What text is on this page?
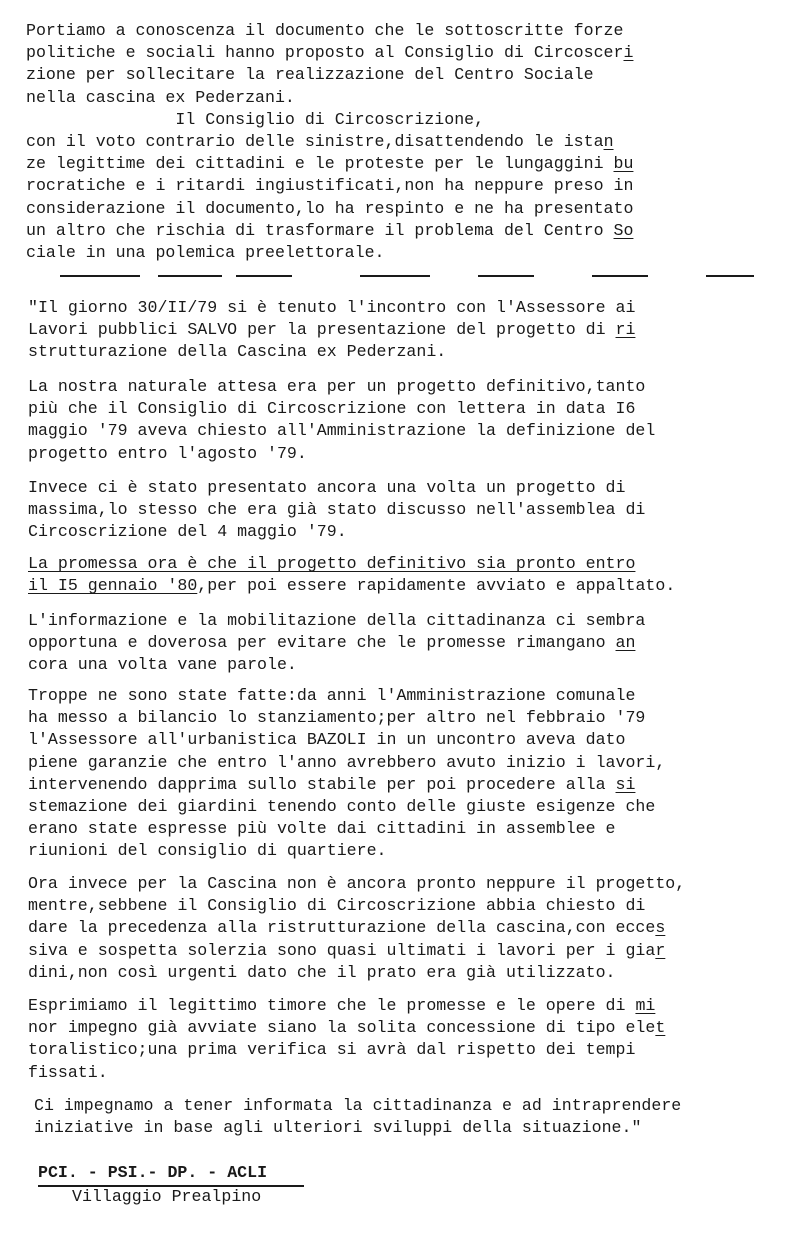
Portiamo a conoscenza il documento che le sottoscritte forze
politiche e sociali hanno proposto al Consiglio di Circosceri
zione per sollecitare la realizzazione del Centro Sociale
nella cascina ex Pederzani.
Il Consiglio di Circoscrizione,
con il voto contrario delle sinistre,disattendendo le istan
ze legittime dei cittadini e le proteste per le lungaggini bu
rocratiche e i ritardi ingiustificati,non ha neppure preso in
considerazione il documento,lo ha respinto e ne ha presentato
un altro che rischia di trasformare il problema del Centro So
ciale in una polemica preelettorale.
"Il giorno 30/II/79 si è tenuto l'incontro con l'Assessore ai
Lavori pubblici SALVO per la presentazione del progetto di ri
strutturazione della Cascina ex Pederzani.
La nostra naturale attesa era per un progetto definitivo,tanto
più che il Consiglio di Circoscrizione con lettera in data I6
maggio '79 aveva chiesto all'Amministrazione la definizione del
progetto entro l'agosto '79.
Invece ci è stato presentato ancora una volta un progetto di
massima,lo stesso che era già stato discusso nell'assemblea di
Circoscrizione del 4 maggio '79.
La promessa ora è che il progetto definitivo sia pronto entro
il I5 gennaio '80,per poi essere rapidamente avviato e appaltato.
L'informazione e la mobilitazione della cittadinanza ci sembra
opportuna e doverosa per evitare che le promesse rimangano an
cora una volta vane parole.
Troppe ne sono state fatte:da anni l'Amministrazione comunale
ha messo a bilancio lo stanziamento;per altro nel febbraio '79
l'Assessore all'urbanistica BAZOLI in un uncontro aveva dato
piene garanzie che entro l'anno avrebbero avuto inizio i lavori,
intervenendo dapprima sullo stabile per poi procedere alla si
stemazione dei giardini tenendo conto delle giuste esigenze che
erano state espresse più volte dai cittadini in assemblee e
riunioni del consiglio di quartiere.
Ora invece per la Cascina non è ancora pronto neppure il progetto,
mentre,sebbene il Consiglio di Circoscrizione abbia chiesto di
dare la precedenza alla ristrutturazione della cascina,con ecces
siva e sospetta solerzia sono quasi ultimati i lavori per i giar
dini,non così urgenti dato che il prato era già utilizzato.
Esprimiamo il legittimo timore che le promesse e le opere di mi
nor impegno già avviate siano la solita concessione di tipo elet
toralistico;una prima verifica si avrà dal rispetto dei tempi
fissati.
Ci impegnamo a tener informata la cittadinanza e ad intraprendere
iniziative in base agli ulteriori sviluppi della situazione."
PCI. - PSI.- DP. - ACLI
Villaggio Prealpino
